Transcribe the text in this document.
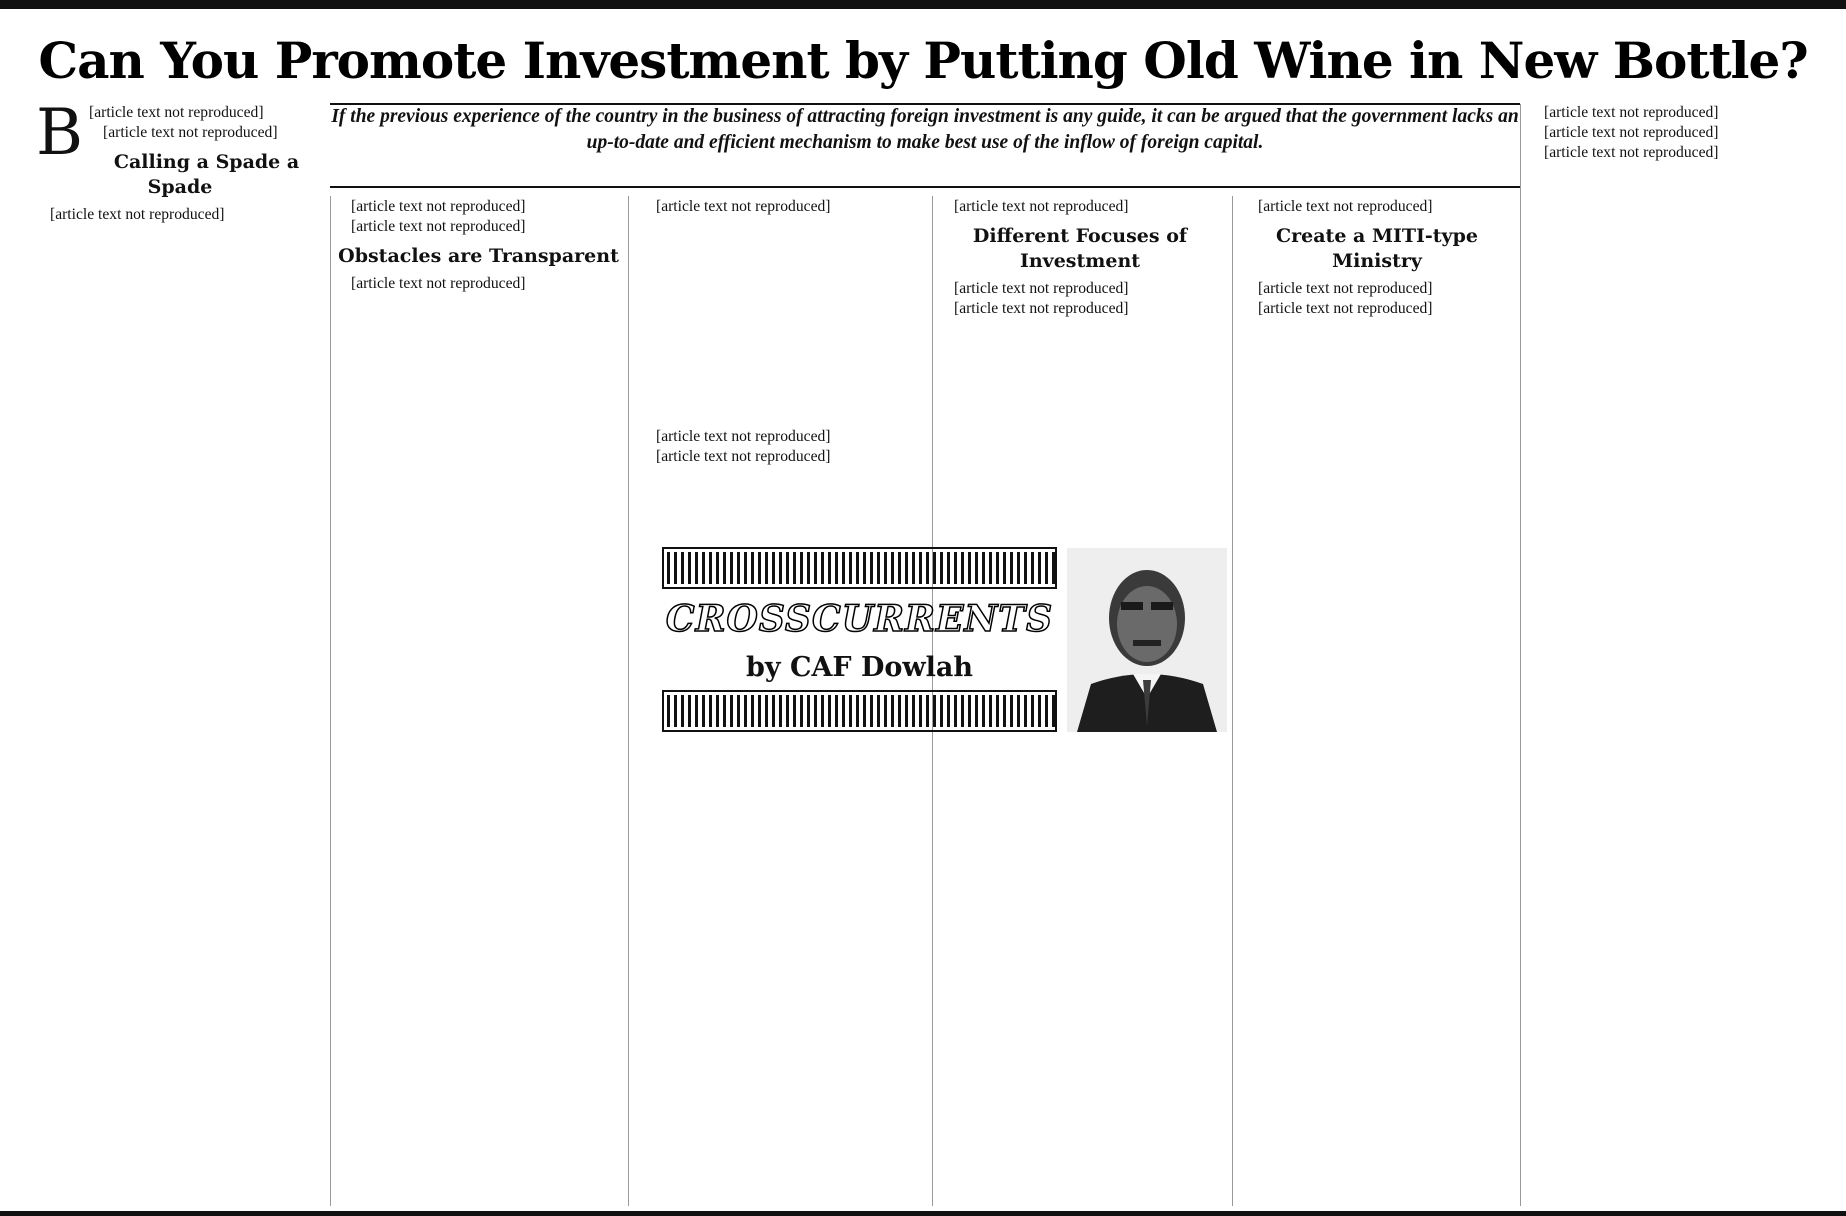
Can You Promote Investment by Putting Old Wine in New Bottle?

If the previous experience of the country in the business of attracting foreign investment is any guide, it can be argued that the government lacks an up-to-date and efficient mechanism to make best use of the inflow of foreign capital.

B [article text not reproduced]

[article text not reproduced]

Calling a Spade a Spade

[article text not reproduced]	[article text not reproduced]

[article text not reproduced]

Obstacles are Transparent

[article text not reproduced]

[article text not reproduced]

[article text not reproduced]

[article text not reproduced]

[article text not reproduced]

Different Focuses of Investment

[article text not reproduced]

[article text not reproduced]

[article text not reproduced]

Create a MITI-type Ministry

[article text not reproduced]

[article text not reproduced]

[article text not reproduced]

[article text not reproduced]

[article text not reproduced]

CROSSCURRENTS

by CAF Dowlah
